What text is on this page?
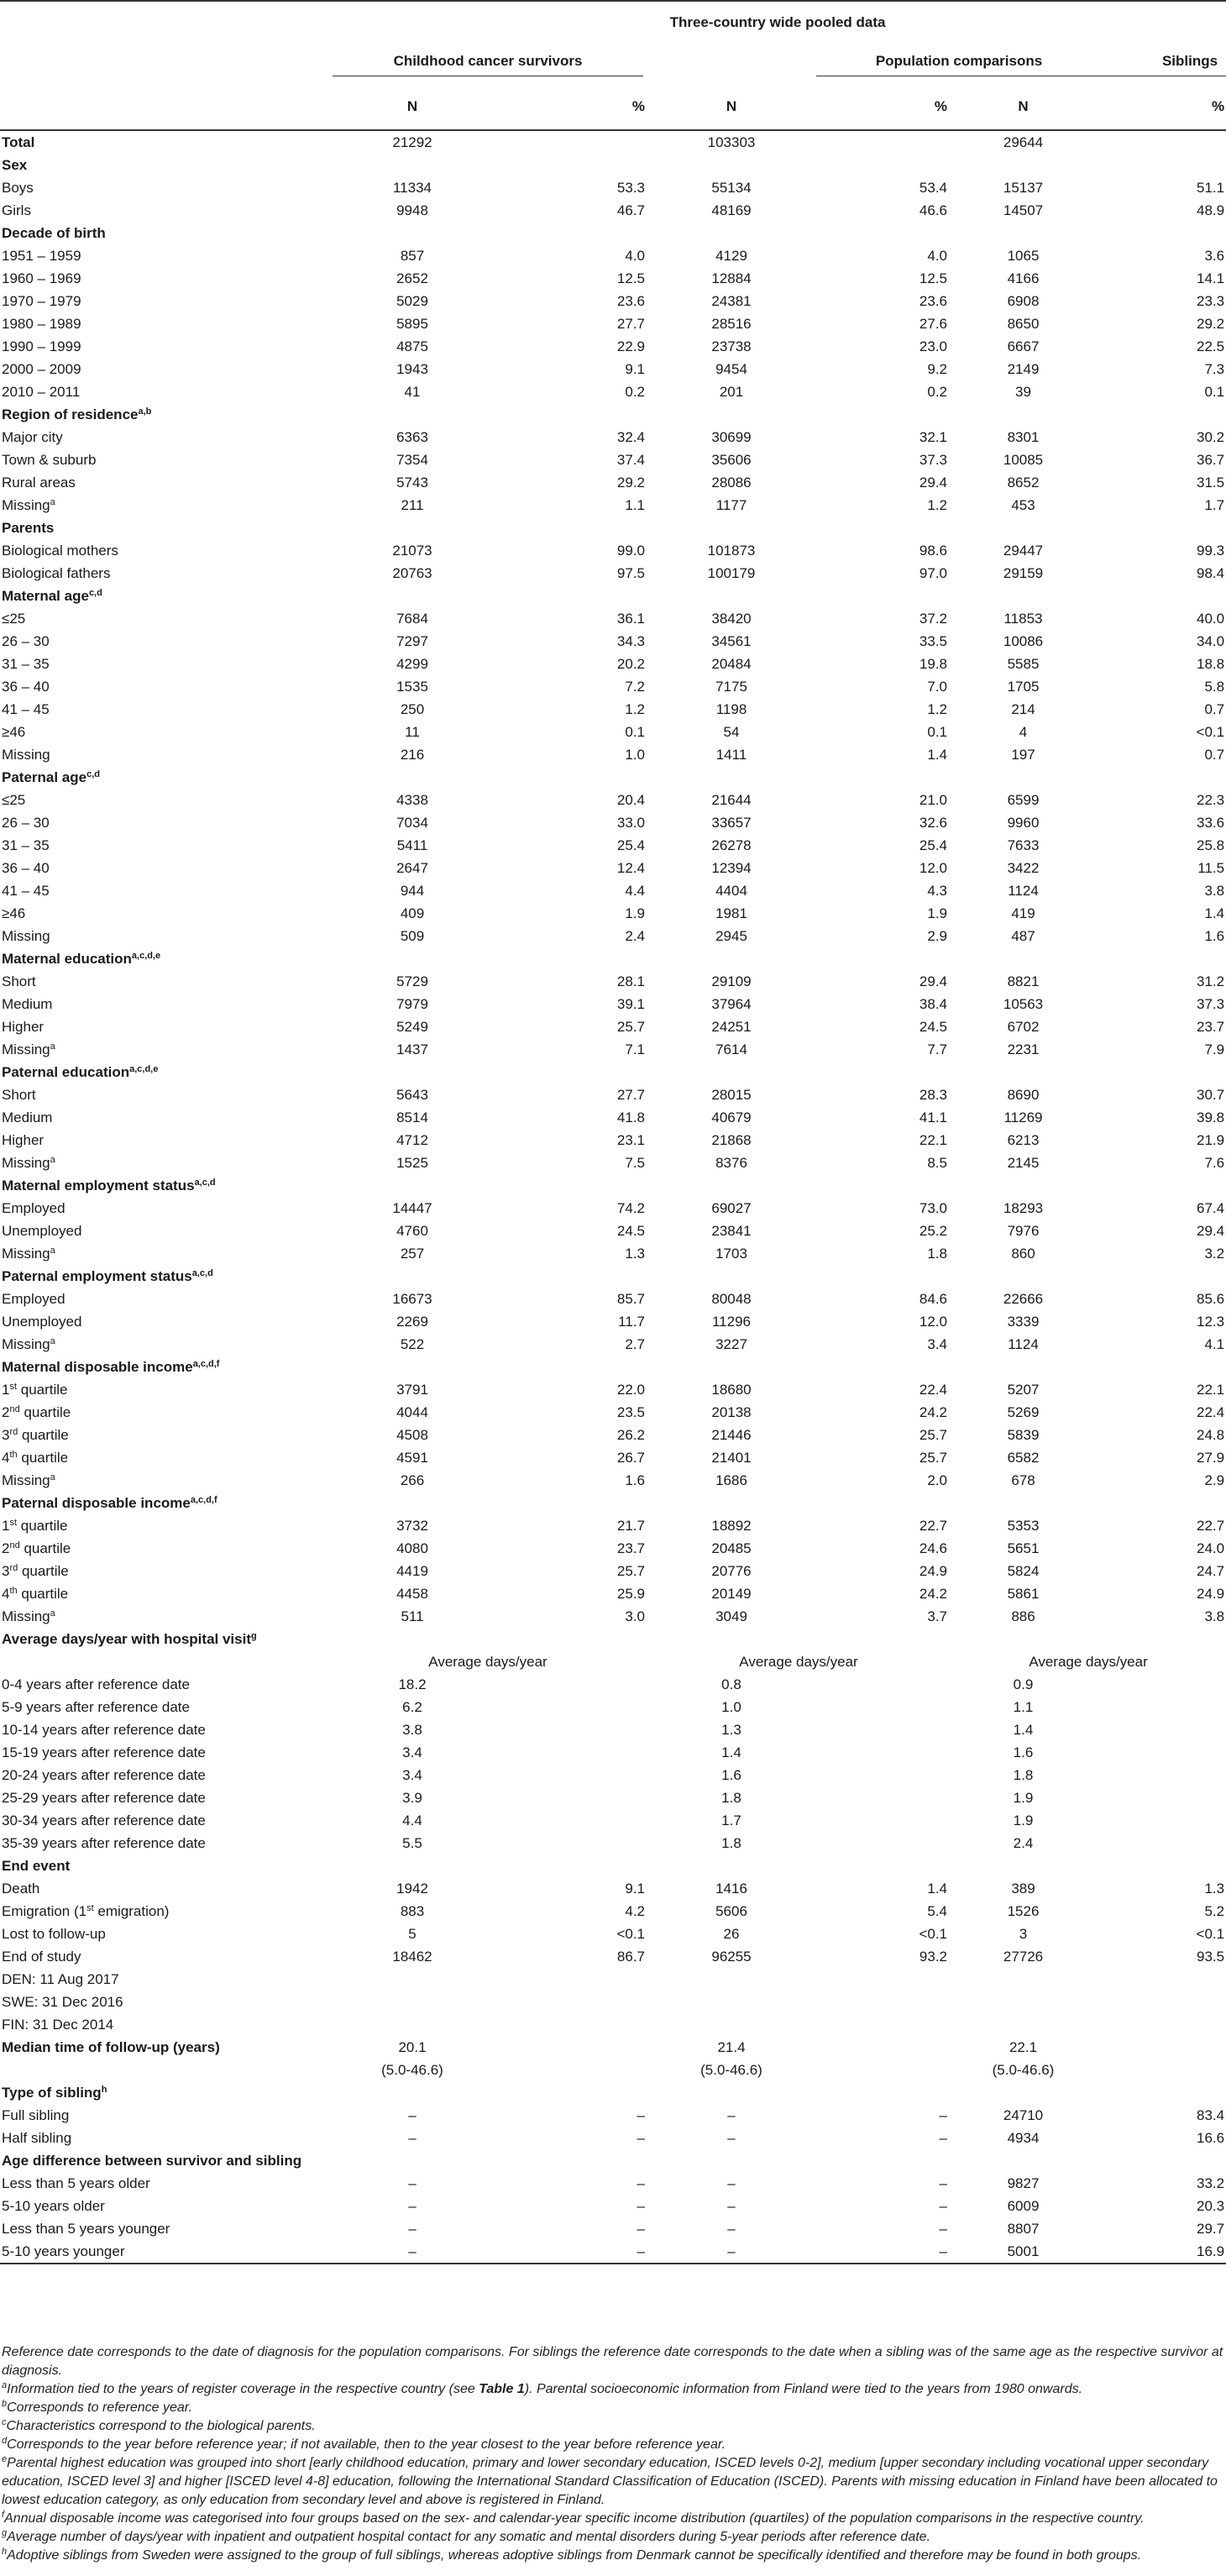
	Three-country wide pooled data					
	Childhood cancer survivors			Population comparisons		Siblings
	N	%	N	%	N	%
Total	21292		103303		29644	
Sex						
Boys	11334	53.3	55134	53.4	15137	51.1
Girls	9948	46.7	48169	46.6	14507	48.9
Decade of birth						
1951 – 1959	857	4.0	4129	4.0	1065	3.6
1960 – 1969	2652	12.5	12884	12.5	4166	14.1
1970 – 1979	5029	23.6	24381	23.6	6908	23.3
1980 – 1989	5895	27.7	28516	27.6	8650	29.2
1990 – 1999	4875	22.9	23738	23.0	6667	22.5
2000 – 2009	1943	9.1	9454	9.2	2149	7.3
2010 – 2011	41	0.2	201	0.2	39	0.1
Region of residence$^{a,b}$						
Major city	6363	32.4	30699	32.1	8301	30.2
Town & suburb	7354	37.4	35606	37.3	10085	36.7
Rural areas	5743	29.2	28086	29.4	8652	31.5
Missing$^a$	211	1.1	1177	1.2	453	1.7
Parents						
Biological mothers	21073	99.0	101873	98.6	29447	99.3
Biological fathers	20763	97.5	100179	97.0	29159	98.4
Maternal age$^{c,d}$						
≤25	7684	36.1	38420	37.2	11853	40.0
26 – 30	7297	34.3	34561	33.5	10086	34.0
31 – 35	4299	20.2	20484	19.8	5585	18.8
36 – 40	1535	7.2	7175	7.0	1705	5.8
41 – 45	250	1.2	1198	1.2	214	0.7
≥46	11	0.1	54	0.1	4	<0.1
Missing	216	1.0	1411	1.4	197	0.7
Paternal age$^{c,d}$						
≤25	4338	20.4	21644	21.0	6599	22.3
26 – 30	7034	33.0	33657	32.6	9960	33.6
31 – 35	5411	25.4	26278	25.4	7633	25.8
36 – 40	2647	12.4	12394	12.0	3422	11.5
41 – 45	944	4.4	4404	4.3	1124	3.8
≥46	409	1.9	1981	1.9	419	1.4
Missing	509	2.4	2945	2.9	487	1.6
Maternal education$^{a,c,d,e}$						
Short	5729	28.1	29109	29.4	8821	31.2
Medium	7979	39.1	37964	38.4	10563	37.3
Higher	5249	25.7	24251	24.5	6702	23.7
Missing$^a$	1437	7.1	7614	7.7	2231	7.9
Paternal education$^{a,c,d,e}$						
Short	5643	27.7	28015	28.3	8690	30.7
Medium	8514	41.8	40679	41.1	11269	39.8
Higher	4712	23.1	21868	22.1	6213	21.9
Missing$^a$	1525	7.5	8376	8.5	2145	7.6
Maternal employment status$^{a,c,d}$						
Employed	14447	74.2	69027	73.0	18293	67.4
Unemployed	4760	24.5	23841	25.2	7976	29.4
Missing$^a$	257	1.3	1703	1.8	860	3.2
Paternal employment status$^{a,c,d}$						
Employed	16673	85.7	80048	84.6	22666	85.6
Unemployed	2269	11.7	11296	12.0	3339	12.3
Missing$^a$	522	2.7	3227	3.4	1124	4.1
Maternal disposable income$^{a,c,d,f}$						
1st quartile	3791	22.0	18680	22.4	5207	22.1
2nd quartile	4044	23.5	20138	24.2	5269	22.4
3rd quartile	4508	26.2	21446	25.7	5839	24.8
4th quartile	4591	26.7	21401	25.7	6582	27.9
Missing$^a$	266	1.6	1686	2.0	678	2.9
Paternal disposable income$^{a,c,d,f}$						
1st quartile	3732	21.7	18892	22.7	5353	22.7
2nd quartile	4080	23.7	20485	24.6	5651	24.0
3rd quartile	4419	25.7	20776	24.9	5824	24.7
4th quartile	4458	25.9	20149	24.2	5861	24.9
Missing$^a$	511	3.0	3049	3.7	886	3.8
Average days/year with hospital visit$^g$						
	Average days/year		Average days/year		Average days/year	
0-4 years after reference date	18.2		0.8		0.9	
5-9 years after reference date	6.2		1.0		1.1	
10-14 years after reference date	3.8		1.3		1.4	
15-19 years after reference date	3.4		1.4		1.6	
20-24 years after reference date	3.4		1.6		1.8	
25-29 years after reference date	3.9		1.8		1.9	
30-34 years after reference date	4.4		1.7		1.9	
35-39 years after reference date	5.5		1.8		2.4	
End event						
Death	1942	9.1	1416	1.4	389	1.3
Emigration (1st emigration)	883	4.2	5606	5.4	1526	5.2
Lost to follow-up	5	<0.1	26	<0.1	3	<0.1
End of study	18462	86.7	96255	93.2	27726	93.5
DEN: 11 Aug 2017						
SWE: 31 Dec 2016						
FIN: 31 Dec 2014						
Median time of follow-up (years)	20.1		21.4		22.1	
	(5.0-46.6)		(5.0-46.6)		(5.0-46.6)	
Type of sibling$^h$						
Full sibling	–	–	–	–	24710	83.4
Half sibling	–	–	–	–	4934	16.6
Age difference between survivor and sibling						
Less than 5 years older	–	–	–	–	9827	33.2
5-10 years older	–	–	–	–	6009	20.3
Less than 5 years younger	–	–	–	–	8807	29.7
5-10 years younger	–	–	–	–	5001	16.9

Reference date corresponds to the date of diagnosis for the population comparisons. For siblings the reference date corresponds to the date when a sibling was of the same age as the respective survivor at diagnosis.

$^a$Information tied to the years of register coverage in the respective country (see Table 1). Parental socioeconomic information from Finland were tied to the years from 1980 onwards.

$^b$Corresponds to reference year.

$^c$Characteristics correspond to the biological parents.

$^d$Corresponds to the year before reference year; if not available, then to the year closest to the year before reference year.

$^e$Parental highest education was grouped into short [early childhood education, primary and lower secondary education, ISCED levels 0-2], medium [upper secondary including vocational upper secondary education, ISCED level 3] and higher [ISCED level 4-8] education, following the International Standard Classification of Education (ISCED). Parents with missing education in Finland have been allocated to lowest education category, as only education from secondary level and above is registered in Finland.

$^f$Annual disposable income was categorised into four groups based on the sex- and calendar-year specific income distribution (quartiles) of the population comparisons in the respective country.

$^g$Average number of days/year with inpatient and outpatient hospital contact for any somatic and mental disorders during 5-year periods after reference date.

$^h$Adoptive siblings from Sweden were assigned to the group of full siblings, whereas adoptive siblings from Denmark cannot be specifically identified and therefore may be found in both groups.
